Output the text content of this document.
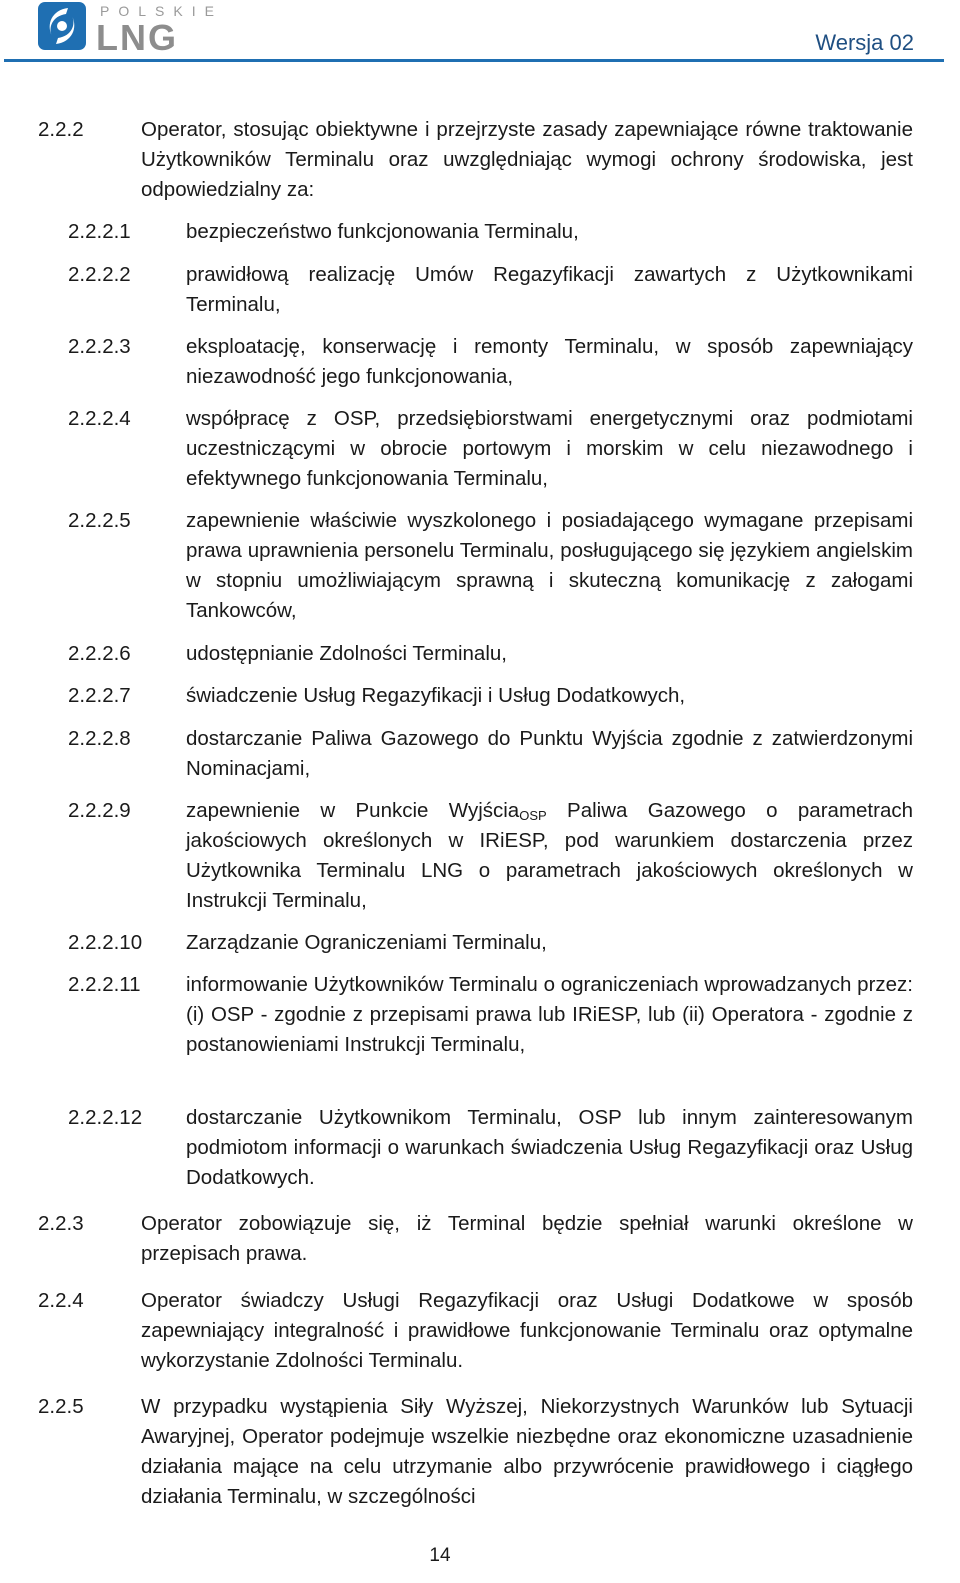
POLSKIE
LNG	Wersja 02
2.2.2	Operator, stosując obiektywne i przejrzyste zasady zapewniające równe traktowanie Użytkowników Terminalu oraz uwzględniając wymogi ochrony środowiska, jest odpowiedzialny za:
2.2.2.1	bezpieczeństwo funkcjonowania Terminalu,
2.2.2.2	prawidłową realizację Umów Regazyfikacji zawartych z Użytkownikami Terminalu,
2.2.2.3	eksploatację, konserwację i remonty Terminalu, w sposób zapewniający niezawodność jego funkcjonowania,
2.2.2.4	współpracę z OSP, przedsiębiorstwami energetycznymi oraz podmiotami uczestniczącymi w obrocie portowym i morskim w celu niezawodnego i efektywnego funkcjonowania Terminalu,
2.2.2.5	zapewnienie właściwie wyszkolonego i posiadającego wymagane przepisami prawa uprawnienia personelu Terminalu, posługującego się językiem angielskim w stopniu umożliwiającym sprawną i skuteczną komunikację z załogami Tankowców,
2.2.2.6	udostępnianie Zdolności Terminalu,
2.2.2.7	świadczenie Usług Regazyfikacji i Usług Dodatkowych,
2.2.2.8	dostarczanie Paliwa Gazowego do Punktu Wyjścia zgodnie z zatwierdzonymi Nominacjami,
2.2.2.9	zapewnienie w Punkcie Wyjścia$_{OSP}$ Paliwa Gazowego o parametrach jakościowych określonych w IRiESP, pod warunkiem dostarczenia przez Użytkownika Terminalu LNG o parametrach jakościowych określonych w Instrukcji Terminalu,
2.2.2.10 Zarządzanie Ograniczeniami Terminalu,
2.2.2.11 informowanie Użytkowników Terminalu o ograniczeniach wprowadzanych przez: (i) OSP - zgodnie z przepisami prawa lub IRiESP, lub (ii) Operatora - zgodnie z postanowieniami Instrukcji Terminalu,
2.2.2.12 dostarczanie Użytkownikom Terminalu, OSP lub innym zainteresowanym podmiotom informacji o warunkach świadczenia Usług Regazyfikacji oraz Usług Dodatkowych.
2.2.3	Operator zobowiązuje się, iż Terminal będzie spełniał warunki określone w przepisach prawa.
2.2.4	Operator świadczy Usługi Regazyfikacji oraz Usługi Dodatkowe w sposób zapewniający integralność i prawidłowe funkcjonowanie Terminalu oraz optymalne wykorzystanie Zdolności Terminalu.
2.2.5	W przypadku wystąpienia Siły Wyższej, Niekorzystnych Warunków lub Sytuacji Awaryjnej, Operator podejmuje wszelkie niezbędne oraz ekonomiczne uzasadnienie działania mające na celu utrzymanie albo przywrócenie prawidłowego i ciągłego działania Terminalu, w szczególności
14
